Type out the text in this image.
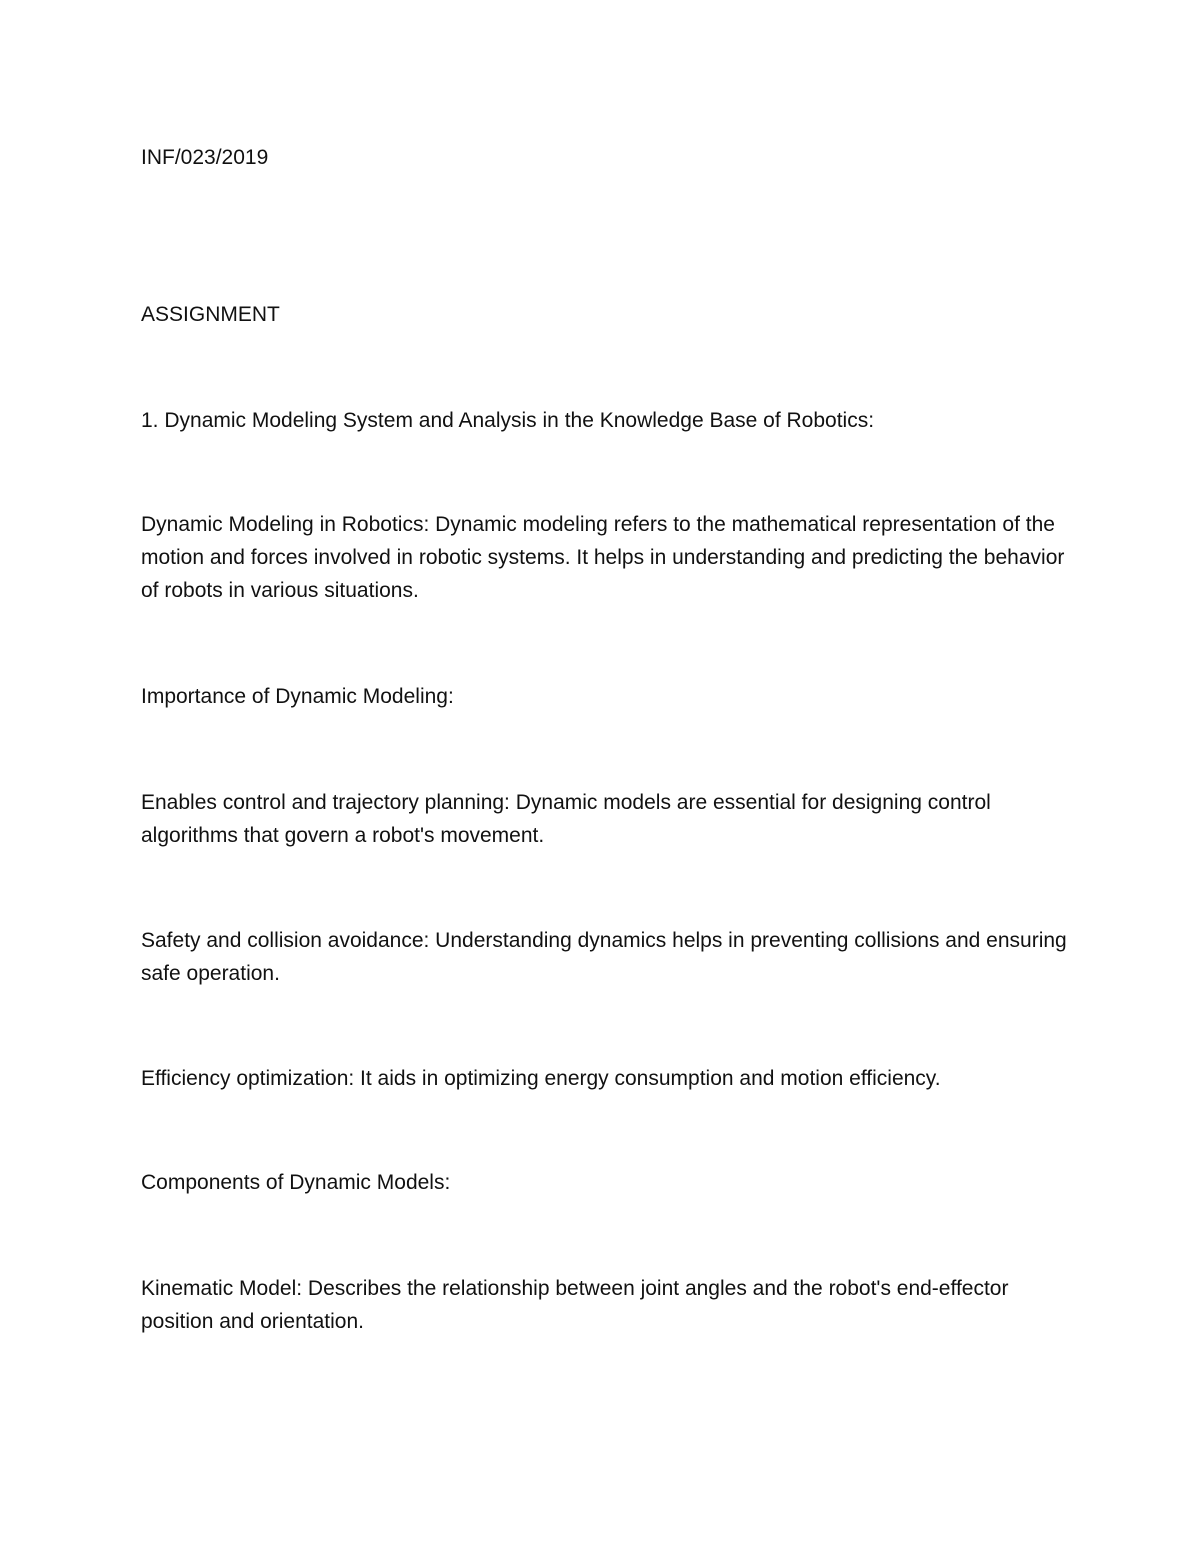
INF/023/2019

ASSIGNMENT

1. Dynamic Modeling System and Analysis in the Knowledge Base of Robotics:

Dynamic Modeling in Robotics: Dynamic modeling refers to the mathematical representation of the motion and forces involved in robotic systems. It helps in understanding and predicting the behavior of robots in various situations.

Importance of Dynamic Modeling:

Enables control and trajectory planning: Dynamic models are essential for designing control algorithms that govern a robot's movement.

Safety and collision avoidance: Understanding dynamics helps in preventing collisions and ensuring safe operation.

Efficiency optimization: It aids in optimizing energy consumption and motion efficiency.

Components of Dynamic Models:

Kinematic Model: Describes the relationship between joint angles and the robot's end-effector position and orientation.
